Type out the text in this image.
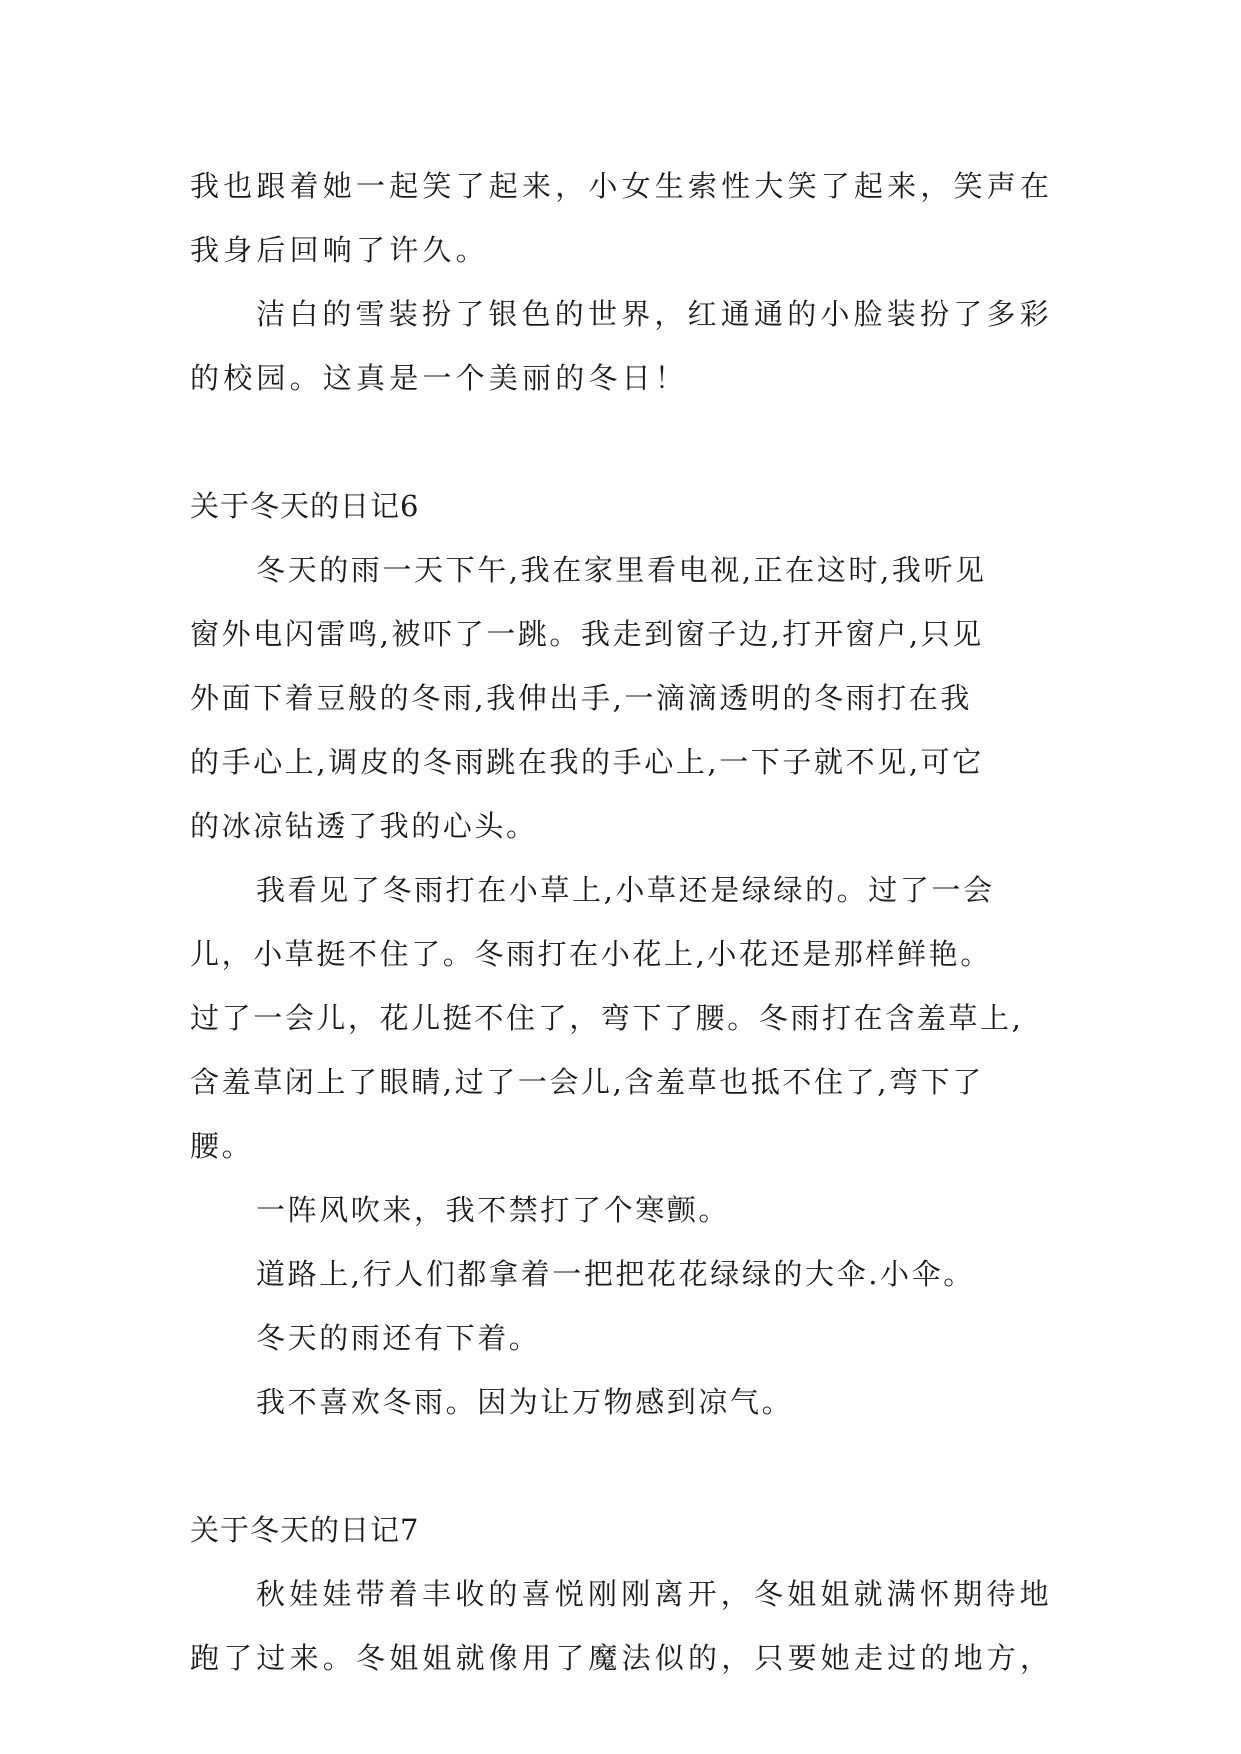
我也跟着她一起笑了起来，小女生索性大笑了起来，笑声在
我身后回响了许久。
洁白的雪装扮了银色的世界，红通通的小脸装扮了多彩
的校园。这真是一个美丽的冬日！
关于冬天的日记6
冬天的雨一天下午,我在家里看电视,正在这时,我听见
窗外电闪雷鸣,被吓了一跳。我走到窗子边,打开窗户,只见
外面下着豆般的冬雨,我伸出手,一滴滴透明的冬雨打在我
的手心上,调皮的冬雨跳在我的手心上,一下子就不见,可它
的冰凉钻透了我的心头。
我看见了冬雨打在小草上,小草还是绿绿的。过了一会
儿，小草挺不住了。冬雨打在小花上,小花还是那样鲜艳。
过了一会儿，花儿挺不住了，弯下了腰。冬雨打在含羞草上,
含羞草闭上了眼睛,过了一会儿,含羞草也抵不住了,弯下了
腰。
一阵风吹来，我不禁打了个寒颤。
道路上,行人们都拿着一把把花花绿绿的大伞.小伞。
冬天的雨还有下着。
我不喜欢冬雨。因为让万物感到凉气。
关于冬天的日记7
秋娃娃带着丰收的喜悦刚刚离开，冬姐姐就满怀期待地
跑了过来。冬姐姐就像用了魔法似的，只要她走过的地方，
